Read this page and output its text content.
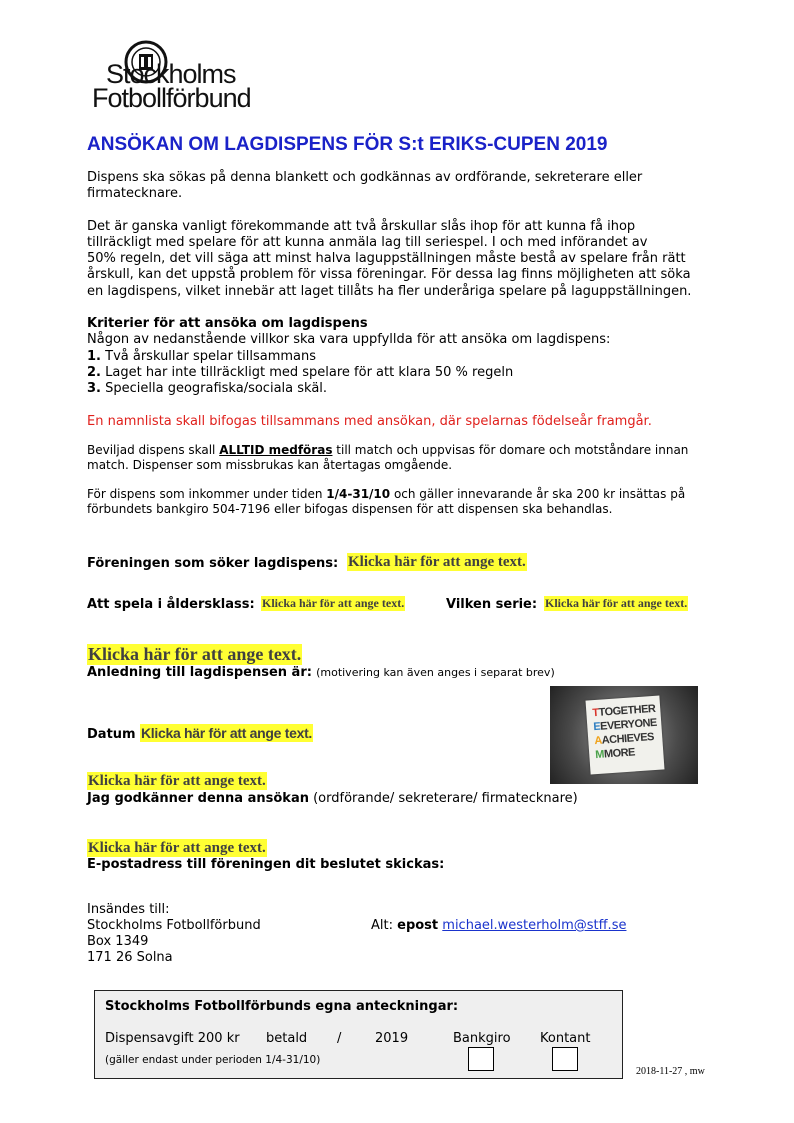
Stockholms
Fotbollförbund
ANSÖKAN OM LAGDISPENS FÖR S:t ERIKS-CUPEN 2019
Dispens ska sökas på denna blankett och godkännas av ordförande, sekreterare eller
firmatecknare.
Det är ganska vanligt förekommande att två årskullar slås ihop för att kunna få ihop
tillräckligt med spelare för att kunna anmäla lag till seriespel. I och med införandet av
50% regeln, det vill säga att minst halva laguppställningen måste bestå av spelare från rätt
årskull, kan det uppstå problem för vissa föreningar. För dessa lag finns möjligheten att söka
en lagdispens, vilket innebär att laget tillåts ha fler underåriga spelare på laguppställningen.
Kriterier för att ansöka om lagdispens
Någon av nedanstående villkor ska vara uppfyllda för att ansöka om lagdispens:
1. Två årskullar spelar tillsammans
2. Laget har inte tillräckligt med spelare för att klara 50 % regeln
3. Speciella geografiska/sociala skäl.
En namnlista skall bifogas tillsammans med ansökan, där spelarnas födelseår framgår.
Beviljad dispens skall ALLTID medföras till match och uppvisas för domare och motståndare innan
match. Dispenser som missbrukas kan återtagas omgående.
För dispens som inkommer under tiden 1/4-31/10 och gäller innevarande år ska 200 kr insättas på
förbundets bankgiro 504-7196 eller bifogas dispensen för att dispensen ska behandlas.
Föreningen som söker lagdispens: Klicka här för att ange text.
Att spela i åldersklass: Klicka här för att ange text.	Vilken serie: Klicka här för att ange text.
Klicka här för att ange text.
Anledning till lagdispensen är: (motivering kan även anges i separat brev)
TTOGETHER
EEVERYONE
AACHIEVES
MMORE
Datum Klicka här för att ange text.
Klicka här för att ange text.
Jag godkänner denna ansökan (ordförande/ sekreterare/ firmatecknare)
Klicka här för att ange text.
E-postadress till föreningen dit beslutet skickas:
Insändes till:
Stockholms Fotbollförbund
Box 1349
171 26 Solna
Alt: epost michael.westerholm@stff.se
Stockholms Fotbollförbunds egna anteckningar:
Dispensavgift 200 kr betald /	2019	Bankgiro Kontant
(gäller endast under perioden 1/4-31/10)
2018-11-27 , mw
